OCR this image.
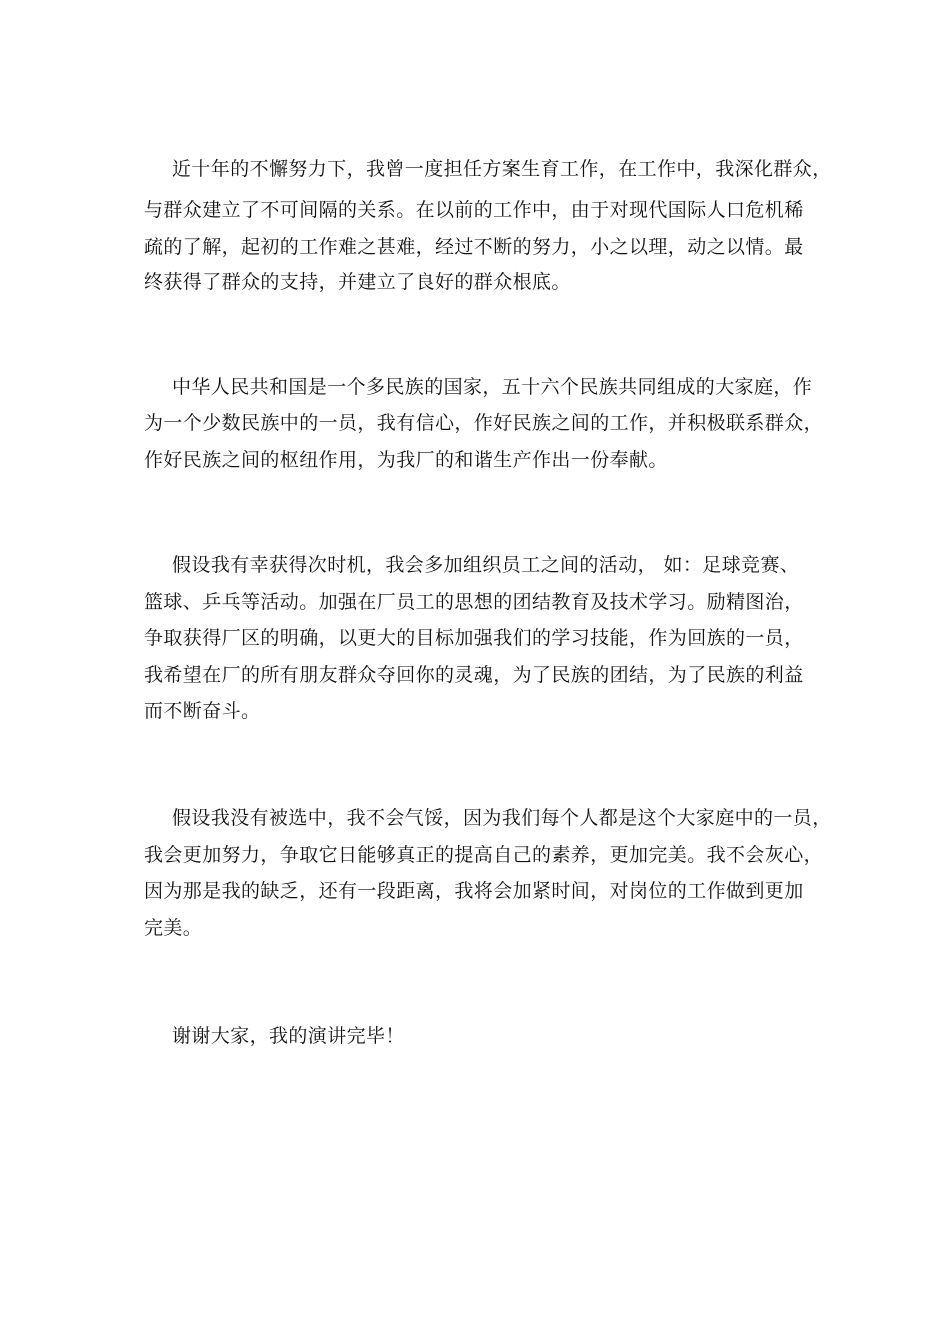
近十年的不懈努力下，我曾一度担任方案生育工作，在工作中，我深化群众，
与群众建立了不可间隔的关系。在以前的工作中，由于对现代国际人口危机稀
疏的了解，起初的工作难之甚难，经过不断的努力，小之以理，动之以情。最
终获得了群众的支持，并建立了良好的群众根底。
中华人民共和国是一个多民族的国家，五十六个民族共同组成的大家庭，作
为一个少数民族中的一员，我有信心，作好民族之间的工作，并积极联系群众，
作好民族之间的枢纽作用，为我厂的和谐生产作出一份奉献。
假设我有幸获得次时机，我会多加组织员工之间的活动， 如：足球竞赛、
篮球、乒乓等活动。加强在厂员工的思想的团结教育及技术学习。励精图治，
争取获得厂区的明确，以更大的目标加强我们的学习技能，作为回族的一员，
我希望在厂的所有朋友群众夺回你的灵魂，为了民族的团结，为了民族的利益
而不断奋斗。
假设我没有被选中，我不会气馁，因为我们每个人都是这个大家庭中的一员，
我会更加努力，争取它日能够真正的提高自己的素养，更加完美。我不会灰心，
因为那是我的缺乏，还有一段距离，我将会加紧时间，对岗位的工作做到更加
完美。
谢谢大家，我的演讲完毕！
